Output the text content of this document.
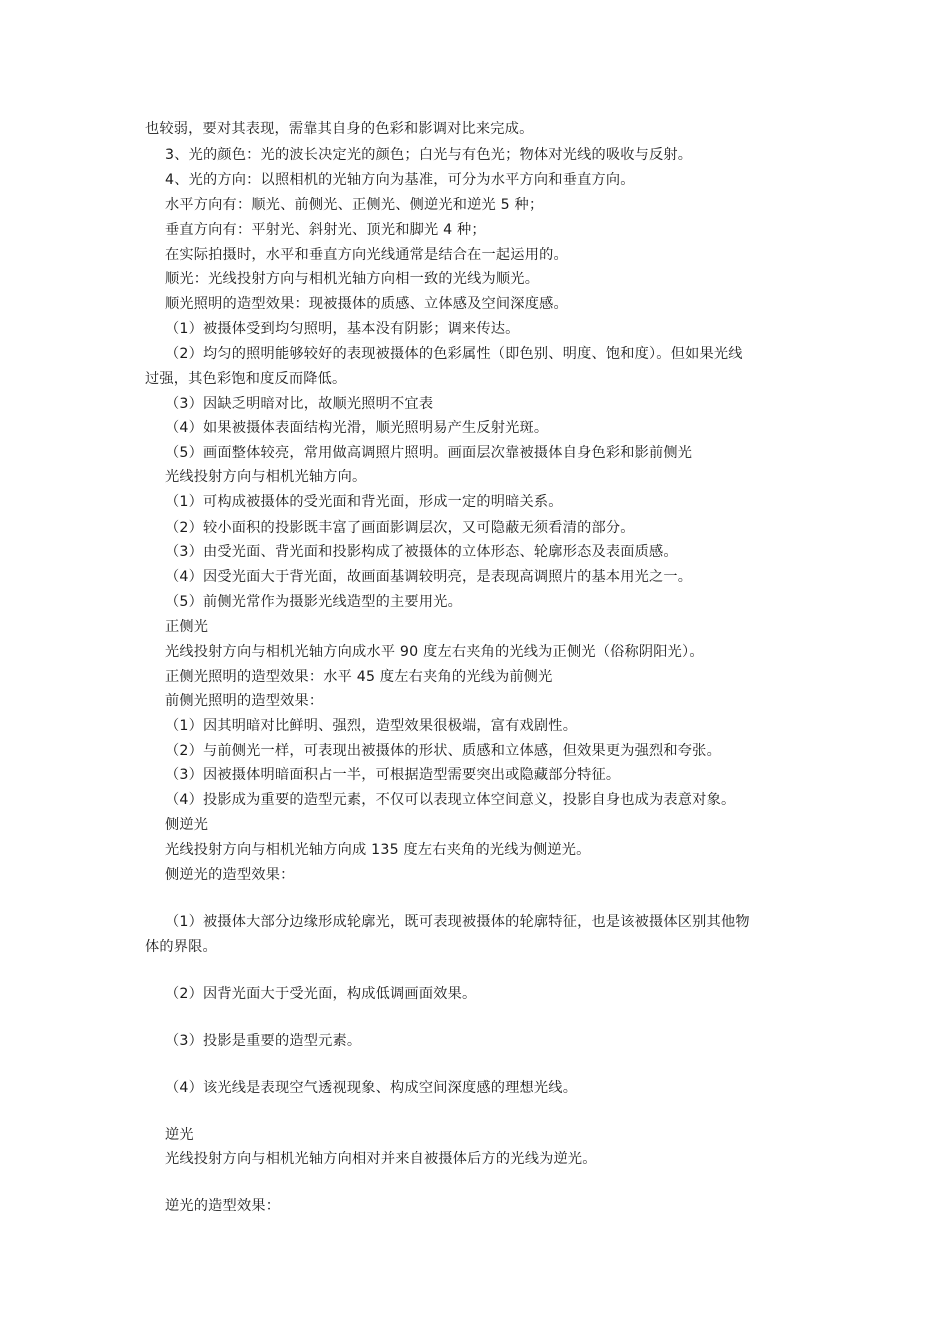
也较弱，要对其表现，需靠其自身的色彩和影调对比来完成。
3、光的颜色：光的波长决定光的颜色；白光与有色光；物体对光线的吸收与反射。
4、光的方向：以照相机的光轴方向为基准，可分为水平方向和垂直方向。
水平方向有：顺光、前侧光、正侧光、侧逆光和逆光 5 种；
垂直方向有：平射光、斜射光、顶光和脚光 4 种；
在实际拍摄时，水平和垂直方向光线通常是结合在一起运用的。
顺光：光线投射方向与相机光轴方向相一致的光线为顺光。
顺光照明的造型效果：现被摄体的质感、立体感及空间深度感。
（1）被摄体受到均匀照明，基本没有阴影；调来传达。
（2）均匀的照明能够较好的表现被摄体的色彩属性（即色别、明度、饱和度）。但如果光线
过强，其色彩饱和度反而降低。
（3）因缺乏明暗对比，故顺光照明不宜表
（4）如果被摄体表面结构光滑，顺光照明易产生反射光斑。
（5）画面整体较亮，常用做高调照片照明。画面层次靠被摄体自身色彩和影前侧光
光线投射方向与相机光轴方向。
（1）可构成被摄体的受光面和背光面，形成一定的明暗关系。
（2）较小面积的投影既丰富了画面影调层次，又可隐蔽无须看清的部分。
（3）由受光面、背光面和投影构成了被摄体的立体形态、轮廓形态及表面质感。
（4）因受光面大于背光面，故画面基调较明亮，是表现高调照片的基本用光之一。
（5）前侧光常作为摄影光线造型的主要用光。
正侧光
光线投射方向与相机光轴方向成水平 90 度左右夹角的光线为正侧光（俗称阴阳光）。
正侧光照明的造型效果：水平 45 度左右夹角的光线为前侧光
前侧光照明的造型效果：
（1）因其明暗对比鲜明、强烈，造型效果很极端，富有戏剧性。
（2）与前侧光一样，可表现出被摄体的形状、质感和立体感，但效果更为强烈和夸张。
（3）因被摄体明暗面积占一半，可根据造型需要突出或隐藏部分特征。
（4）投影成为重要的造型元素，不仅可以表现立体空间意义，投影自身也成为表意对象。
侧逆光
光线投射方向与相机光轴方向成 135 度左右夹角的光线为侧逆光。
侧逆光的造型效果：
（1）被摄体大部分边缘形成轮廓光，既可表现被摄体的轮廓特征，也是该被摄体区别其他物
体的界限。
（2）因背光面大于受光面，构成低调画面效果。
（3）投影是重要的造型元素。
（4）该光线是表现空气透视现象、构成空间深度感的理想光线。
逆光
光线投射方向与相机光轴方向相对并来自被摄体后方的光线为逆光。
逆光的造型效果：
